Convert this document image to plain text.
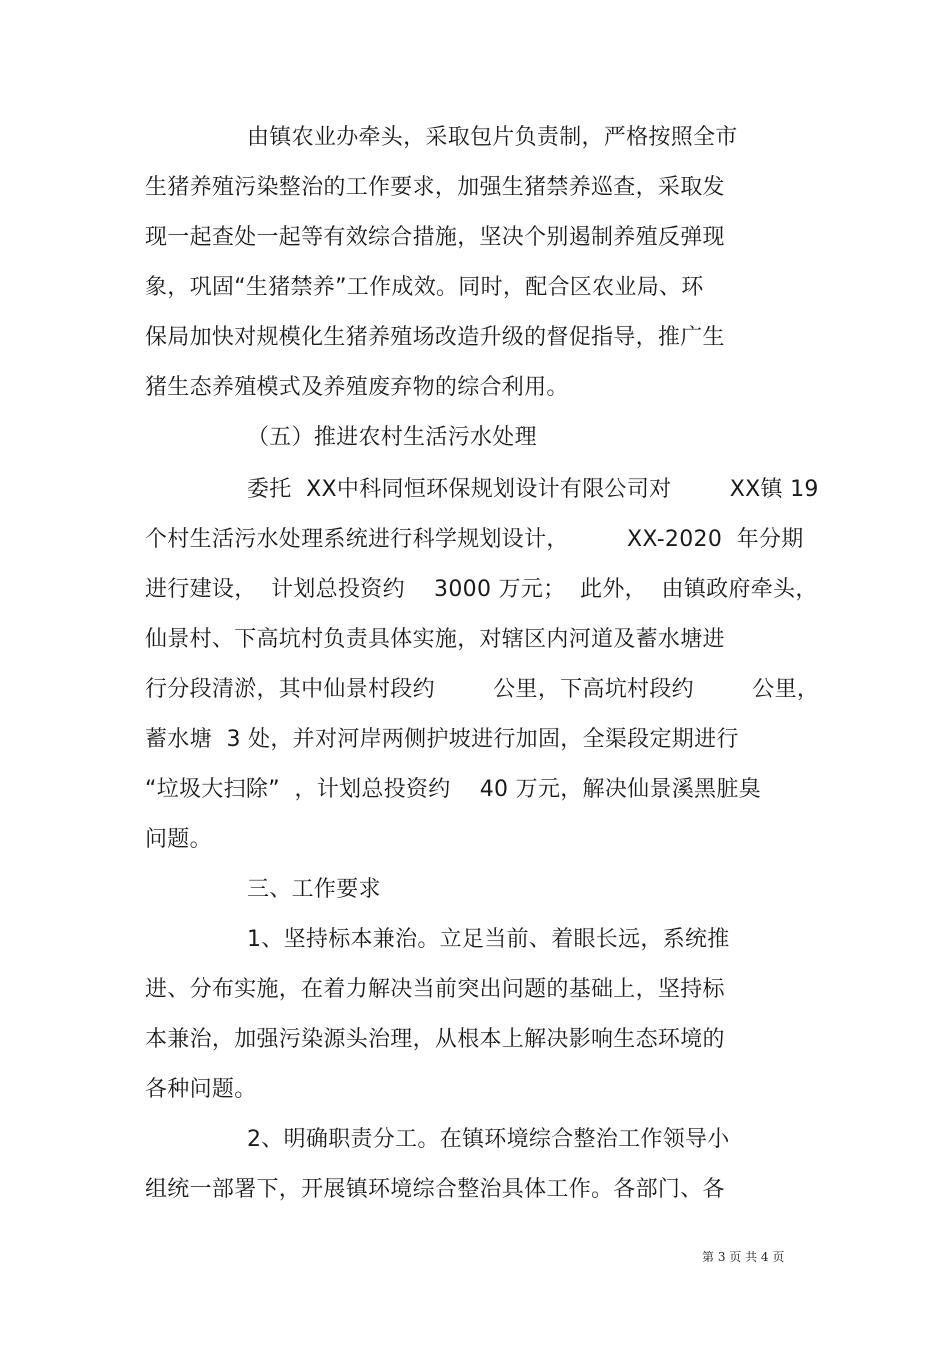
由镇农业办牵头，采取包片负责制，严格按照全市
生猪养殖污染整治的工作要求，加强生猪禁养巡查，采取发
现一起查处一起等有效综合措施，坚决个别遏制养殖反弹现
象，巩固“生猪禁养”工作成效。同时，配合区农业局、环
保局加快对规模化生猪养殖场改造升级的督促指导，推广生
猪生态养殖模式及养殖废弃物的综合利用。
（五）推进农村生活污水处理
委托  XX中科同恒环保规划设计有限公司对        XX镇 19
个村生活污水处理系统进行科学规划设计，        XX-2020  年分期
进行建设，  计划总投资约    3000 万元；  此外，  由镇政府牵头，
仙景村、下高坑村负责具体实施，对辖区内河道及蓄水塘进
行分段清淤，其中仙景村段约        公里，下高坑村段约        公里，
蓄水塘  3 处，并对河岸两侧护坡进行加固，全渠段定期进行
“垃圾大扫除”  ，计划总投资约    40 万元，解决仙景溪黑脏臭
问题。
三、工作要求
1、坚持标本兼治。立足当前、着眼长远，系统推
进、分布实施，在着力解决当前突出问题的基础上，坚持标
本兼治，加强污染源头治理，从根本上解决影响生态环境的
各种问题。
2、明确职责分工。在镇环境综合整治工作领导小
组统一部署下，开展镇环境综合整治具体工作。各部门、各
第 3 页 共 4 页
